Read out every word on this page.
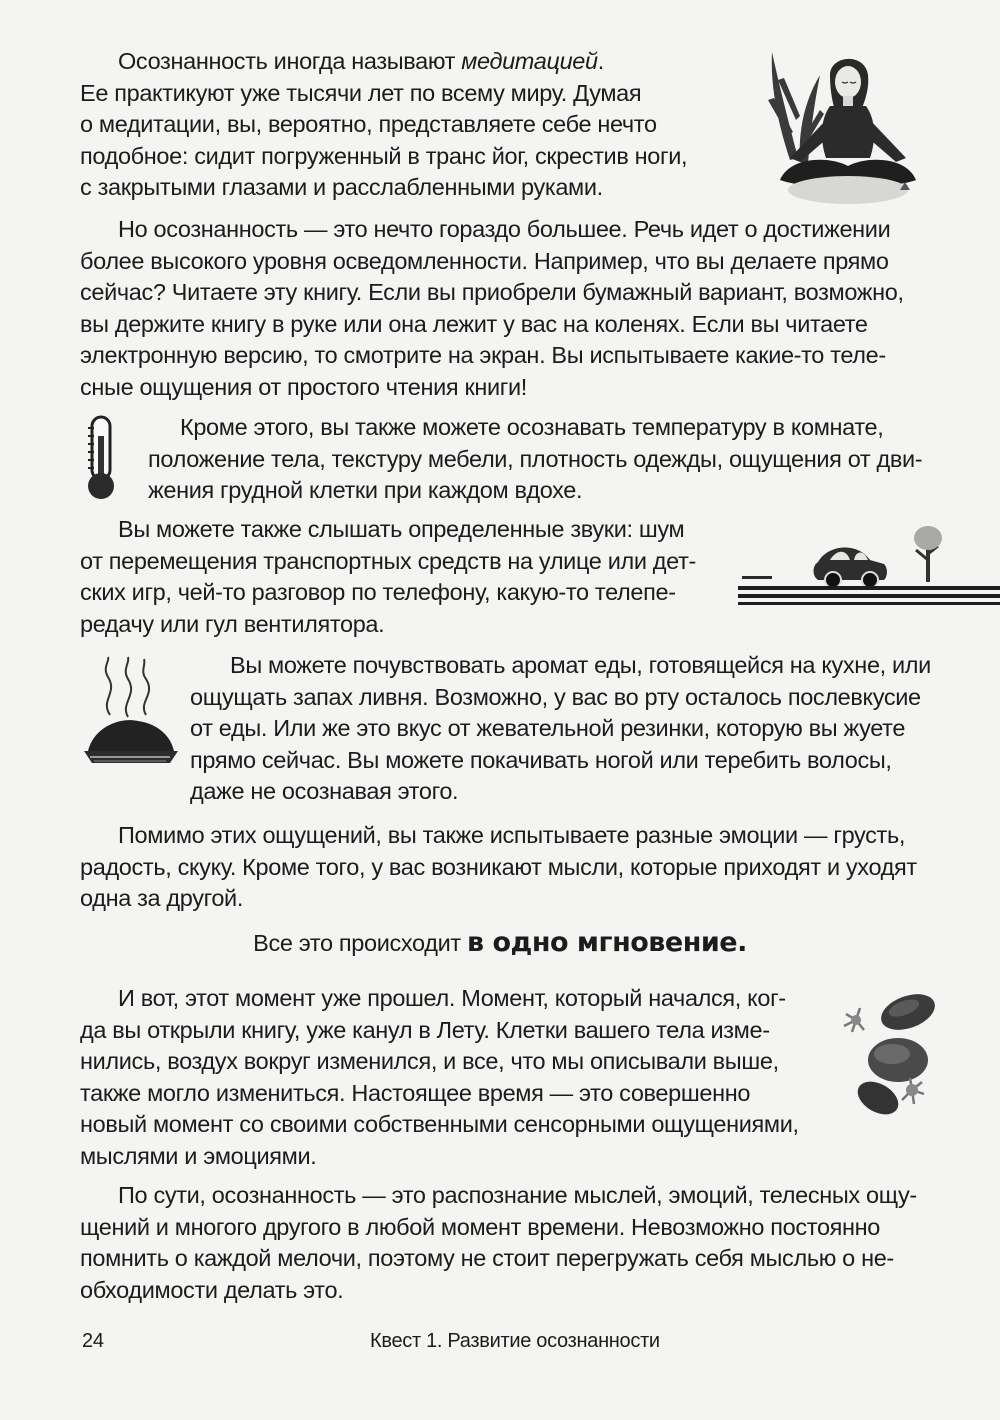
Осознанность иногда называют медитацией.
Ее практикуют уже тысячи лет по всему миру. Думая
о медитации, вы, вероятно, представляете себе нечто
подобное: сидит погруженный в транс йог, скрестив ноги,
с закрытыми глазами и расслабленными руками.
Но осознанность — это нечто гораздо большее. Речь идет о достижении
более высокого уровня осведомленности. Например, что вы делаете прямо
сейчас? Читаете эту книгу. Если вы приобрели бумажный вариант, возможно,
вы держите книгу в руке или она лежит у вас на коленях. Если вы читаете
электронную версию, то смотрите на экран. Вы испытываете какие-то теле-
сные ощущения от простого чтения книги!
Кроме этого, вы также можете осознавать температуру в комнате,
положение тела, текстуру мебели, плотность одежды, ощущения от дви-
жения грудной клетки при каждом вдохе.
Вы можете также слышать определенные звуки: шум
от перемещения транспортных средств на улице или дет-
ских игр, чей-то разговор по телефону, какую-то телепе-
редачу или гул вентилятора.
Вы можете почувствовать аромат еды, готовящейся на кухне, или
ощущать запах ливня. Возможно, у вас во рту осталось послевкусие
от еды. Или же это вкус от жевательной резинки, которую вы жуете
прямо сейчас. Вы можете покачивать ногой или теребить волосы,
даже не осознавая этого.
Помимо этих ощущений, вы также испытываете разные эмоции — грусть,
радость, скуку. Кроме того, у вас возникают мысли, которые приходят и уходят
одна за другой.
Все это происходит в одно мгновение.
И вот, этот момент уже прошел. Момент, который начался, ког-
да вы открыли книгу, уже канул в Лету. Клетки вашего тела изме-
нились, воздух вокруг изменился, и все, что мы описывали выше,
также могло измениться. Настоящее время — это совершенно
новый момент со своими собственными сенсорными ощущениями,
мыслями и эмоциями.
По сути, осознанность — это распознание мыслей, эмоций, телесных ощу-
щений и многого другого в любой момент времени. Невозможно постоянно
помнить о каждой мелочи, поэтому не стоит перегружать себя мыслью о не-
обходимости делать это.
24	Квест 1. Развитие осознанности
